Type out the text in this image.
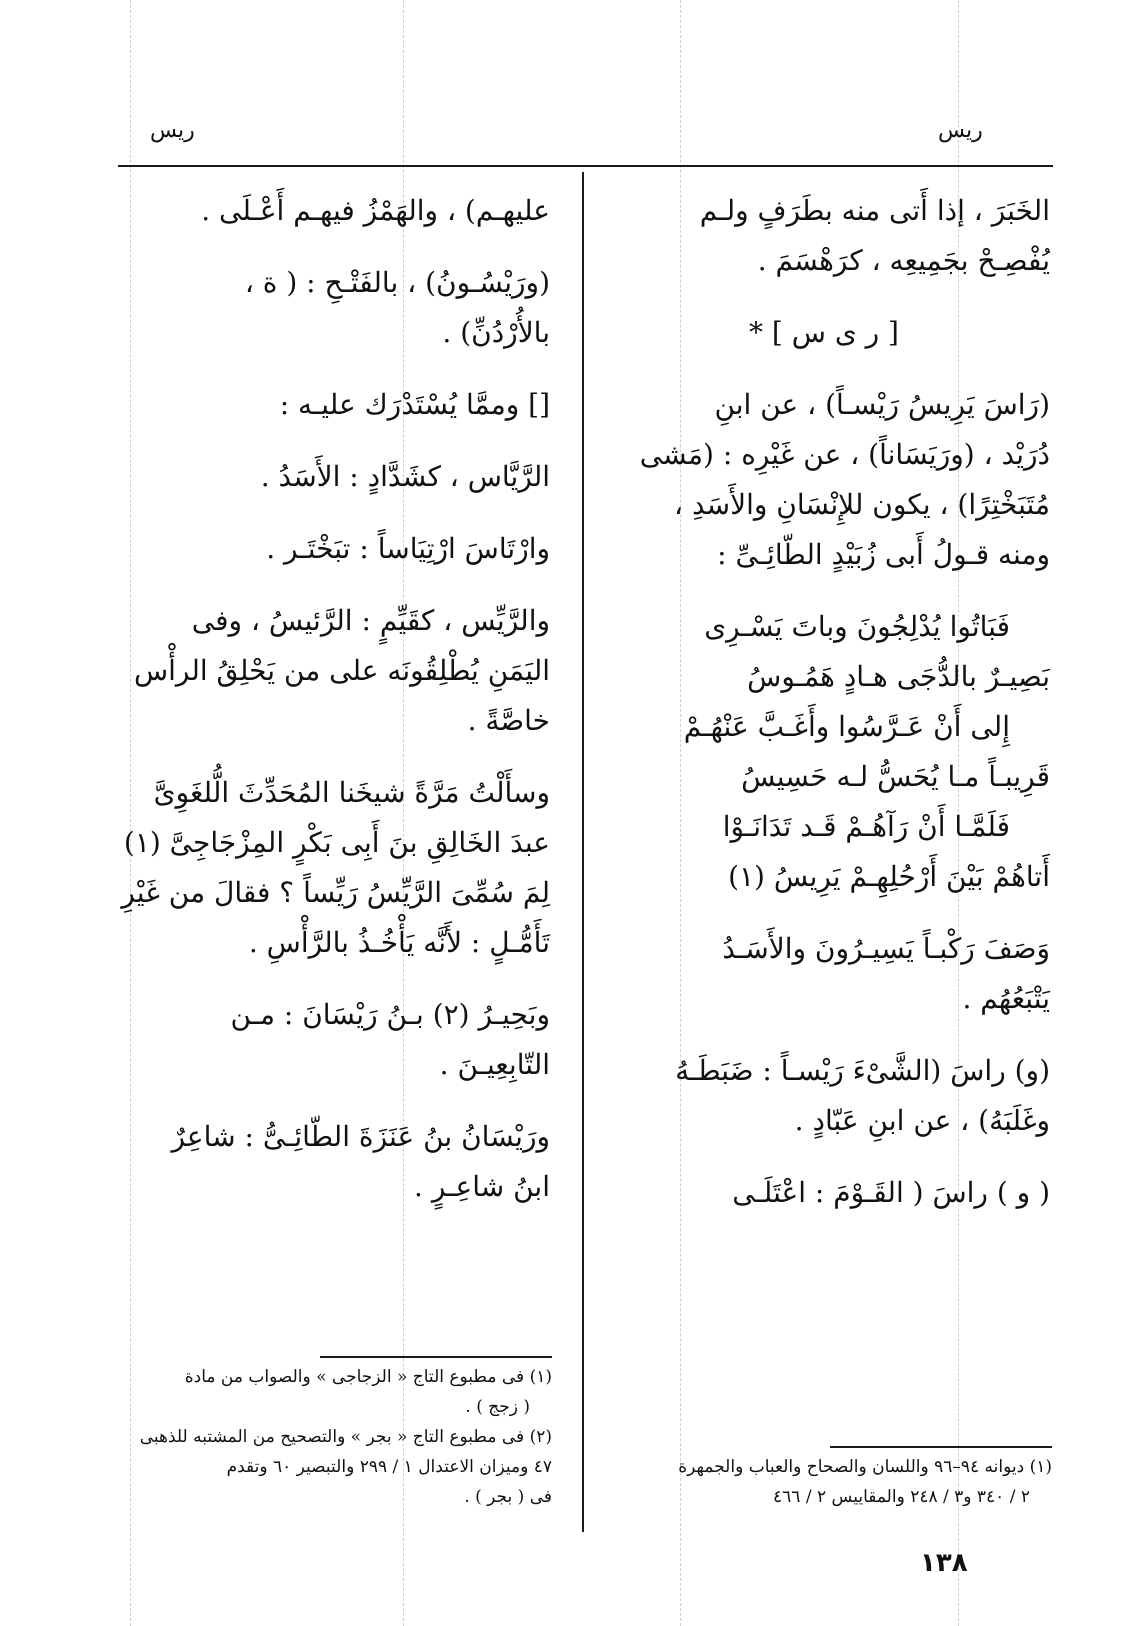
ريس
ريس
الخَبَرَ ، إذا أَتى منه بطَرَفٍ ولـم
يُفْصِـحْ بجَمِيعِه ، كرَهْسَمَ .
[ ر ى س ] *
(رَاسَ يَرِيسُ رَيْسـاً) ، عن ابنِ
دُرَيْد ، (ورَيَسَاناً) ، عن غَيْرِه : (مَشى
مُتَبَخْتِرًا) ، يكون للإِنْسَانِ والأَسَدِ ،
ومنه قـولُ أَبى زُبَيْدٍ الطّائِـىِّ :
فَبَاتُوا يُدْلِجُونَ وباتَ يَسْـرِى
بَصِيـرٌ بالدُّجَى هـادٍ هَمُـوسُ
إِلى أَنْ عَـرَّسُوا وأَغَـبَّ عَنْهُـمْ
قَرِيبـاً مـا يُحَسُّ لـه حَسِيسُ
فَلَمَّـا أَنْ رَآهُـمْ قَـد تَدَانَـوْا
أَتاهُمْ بَيْنَ أَرْحُلِهِـمْ يَرِيسُ (١)
وَصَفَ رَكْبـاً يَسِيـرُونَ والأَسَـدُ
يَتْبَعُهُم .
(و) راسَ (الشَّىْءَ رَيْسـاً : ضَبَطَـهُ
وغَلَبَهُ) ، عن ابنِ عَبّادٍ .
( و ) راسَ ( القَـوْمَ : اعْتَلَـى
عليهـم) ، والهَمْزُ فيهـم أَعْـلَى .
(ورَيْسُـونُ) ، بالفَتْـحِ : ( ة ،
بالأُرْدُنِّ) .
[] وممَّا يُسْتَدْرَك عليـه :
الرَّيَّاس ، كشَدَّادٍ : الأَسَدُ .
وارْتَاسَ ارْتِيَاساً : تبَخْتَـر .
والرَّيِّس ، كقَيِّمٍ : الرَّئيسُ ، وفى
اليَمَنِ يُطْلِقُونَه على من يَحْلِقُ الرأْس
خاصَّةً .
وسأَلْتُ مَرَّةً شيخَنا المُحَدِّثَ الُّلغَوِىَّ
عبدَ الخَالِقِ بنَ أَبِى بَكْرٍ المِزْجَاجِىَّ (١)
لِمَ سُمِّىَ الرَّيِّسُ رَيِّساً ؟ فقالَ من غَيْرِ
تَأَمُّـلٍ : لأَنَّه يَأْخُـذُ بالرَّأْسِ .
وبَحِيـرُ (٢) بـنُ رَيْسَانَ : مـن
التّابِعِيـنَ .
ورَيْسَانُ بنُ عَنَزَةَ الطّائِـىُّ : شاعِرٌ
ابنُ شاعِـرٍ .
(١) ديوانه ٩٤–٩٦ واللسان والصحاح والعباب والجمهرة
٢ / ٣٤٠ و٣ / ٢٤٨ والمقاييس ٢ / ٤٦٦
(١) فى مطبوع التاج « الزجاجى » والصواب من مادة
( زجج ) .
(٢) فى مطبوع التاج « بجر » والتصحيح من المشتبه للذهبى
٤٧ وميزان الاعتدال ١ / ٢٩٩ والتبصير ٦٠ وتقدم
فى ( بجر ) .
١٣٨
